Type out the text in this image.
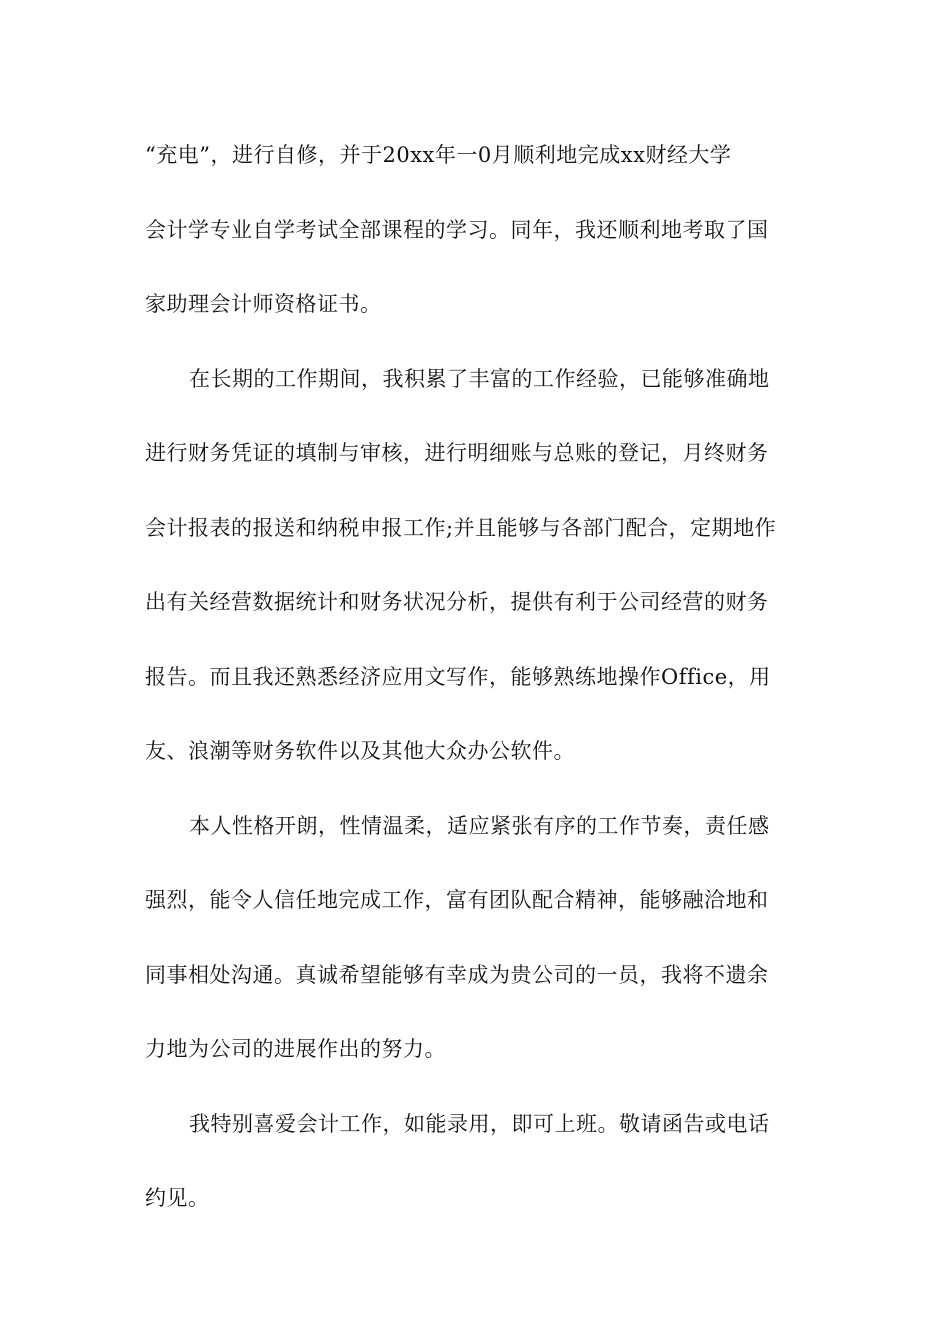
“充电”，进行自修，并于20xx年一0月顺利地完成xx财经大学
会计学专业自学考试全部课程的学习。同年，我还顺利地考取了国
家助理会计师资格证书。
在长期的工作期间，我积累了丰富的工作经验，已能够准确地
进行财务凭证的填制与审核，进行明细账与总账的登记，月终财务
会计报表的报送和纳税申报工作;并且能够与各部门配合，定期地作
出有关经营数据统计和财务状况分析，提供有利于公司经营的财务
报告。而且我还熟悉经济应用文写作，能够熟练地操作Office，用
友、浪潮等财务软件以及其他大众办公软件。
本人性格开朗，性情温柔，适应紧张有序的工作节奏，责任感
强烈，能令人信任地完成工作，富有团队配合精神，能够融洽地和
同事相处沟通。真诚希望能够有幸成为贵公司的一员，我将不遗余
力地为公司的进展作出的努力。
我特别喜爱会计工作，如能录用，即可上班。敬请函告或电话
约见。
